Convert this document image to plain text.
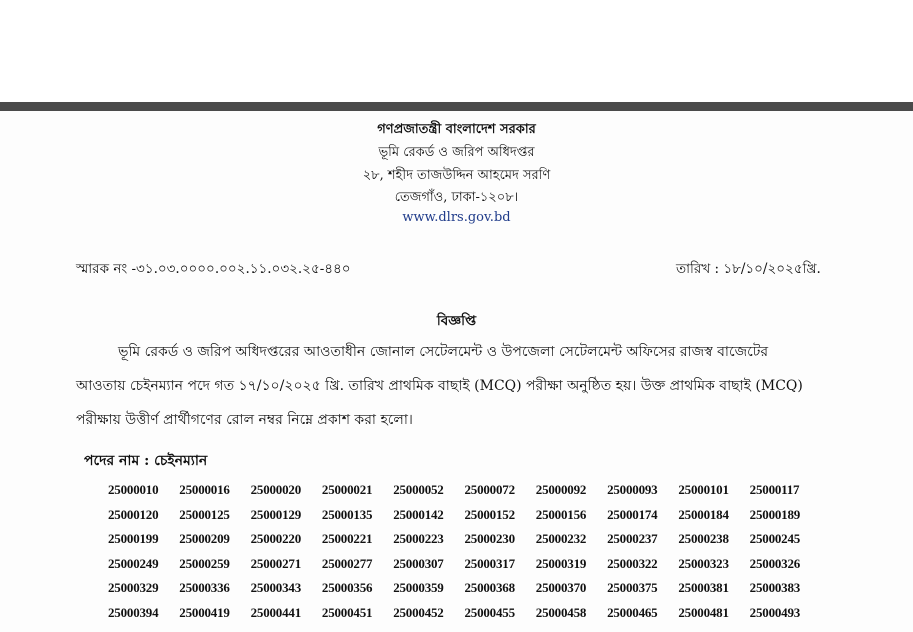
গণপ্রজাতন্ত্রী বাংলাদেশ সরকার
ভূমি রেকর্ড ও জরিপ অধিদপ্তর
২৮, শহীদ তাজউদ্দিন আহমেদ সরণি
তেজগাঁও, ঢাকা-১২০৮।
www.dlrs.gov.bd
স্মারক নং -৩১.০৩.০০০০.০০২.১১.০৩২.২৫-৪৪০	তারিখ : ১৮/১০/২০২৫খ্রি.
বিজ্ঞপ্তি
ভূমি রেকর্ড ও জরিপ অধিদপ্তরের আওতাধীন জোনাল সেটেলমেন্ট ও উপজেলা সেটেলমেন্ট অফিসের রাজস্ব বাজেটের
আওতায় চেইনম্যান পদে গত ১৭/১০/২০২৫ খ্রি. তারিখ প্রাথমিক বাছাই (MCQ) পরীক্ষা অনুষ্ঠিত হয়। উক্ত প্রাথমিক বাছাই (MCQ)
পরীক্ষায় উত্তীর্ণ প্রার্থীগণের রোল নম্বর নিম্নে প্রকাশ করা হলো।
পদের নাম : চেইনম্যান
25000010	25000016	25000020	25000021	25000052	25000072	25000092	25000093	25000101	25000117
25000120	25000125	25000129	25000135	25000142	25000152	25000156	25000174	25000184	25000189
25000199	25000209	25000220	25000221	25000223	25000230	25000232	25000237	25000238	25000245
25000249	25000259	25000271	25000277	25000307	25000317	25000319	25000322	25000323	25000326
25000329	25000336	25000343	25000356	25000359	25000368	25000370	25000375	25000381	25000383
25000394	25000419	25000441	25000451	25000452	25000455	25000458	25000465	25000481	25000493
